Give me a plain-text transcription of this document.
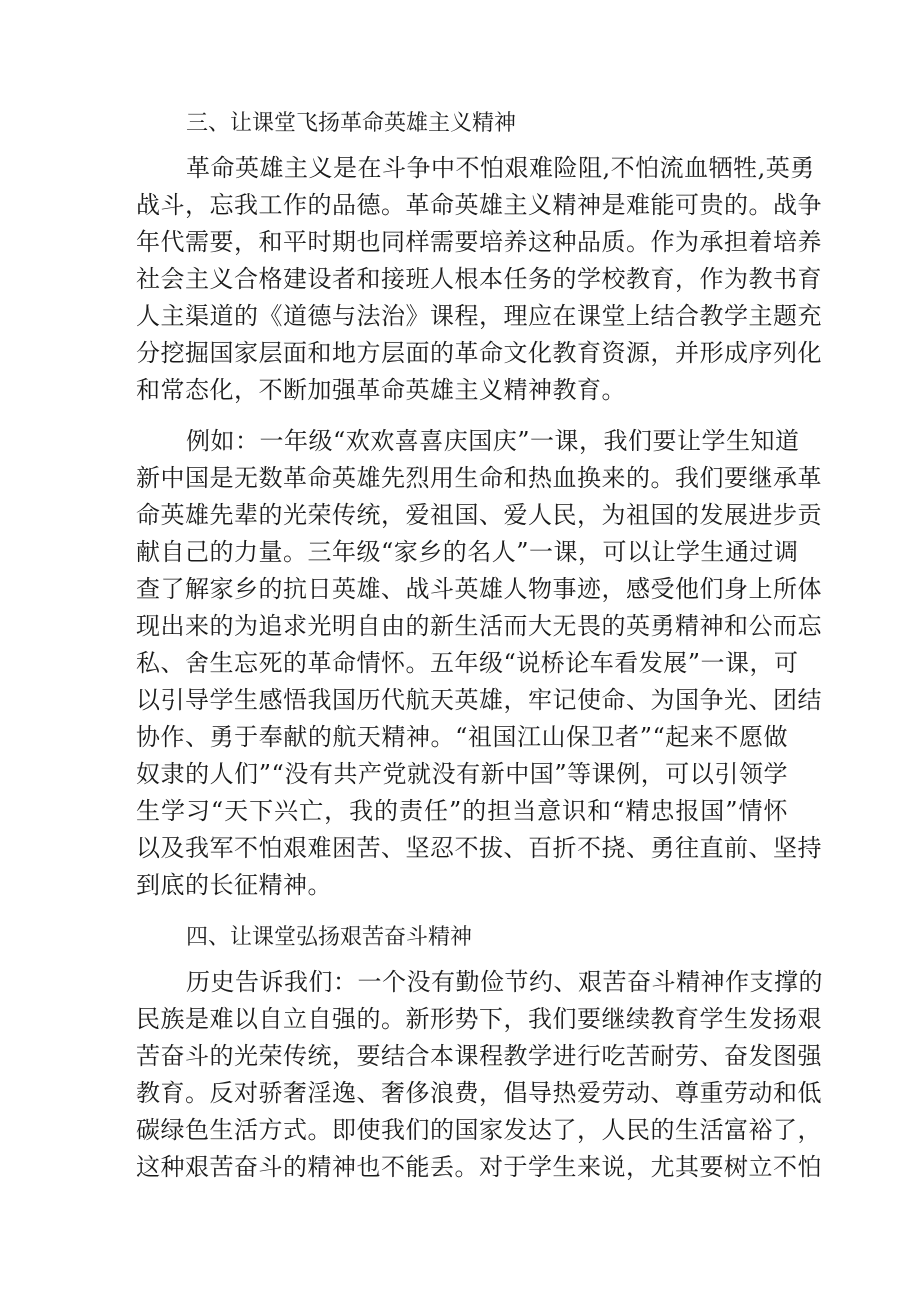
三、让课堂飞扬革命英雄主义精神
革命英雄主义是在斗争中不怕艰难险阻,不怕流血牺牲,英勇
战斗，忘我工作的品德。革命英雄主义精神是难能可贵的。战争
年代需要，和平时期也同样需要培养这种品质。作为承担着培养
社会主义合格建设者和接班人根本任务的学校教育，作为教书育
人主渠道的《道德与法治》课程，理应在课堂上结合教学主题充
分挖掘国家层面和地方层面的革命文化教育资源，并形成序列化
和常态化，不断加强革命英雄主义精神教育。
例如：一年级“欢欢喜喜庆国庆”一课，我们要让学生知道
新中国是无数革命英雄先烈用生命和热血换来的。我们要继承革
命英雄先辈的光荣传统，爱祖国、爱人民，为祖国的发展进步贡
献自己的力量。三年级“家乡的名人”一课，可以让学生通过调
查了解家乡的抗日英雄、战斗英雄人物事迹，感受他们身上所体
现出来的为追求光明自由的新生活而大无畏的英勇精神和公而忘
私、舍生忘死的革命情怀。五年级“说桥论车看发展”一课，可
以引导学生感悟我国历代航天英雄，牢记使命、为国争光、团结
协作、勇于奉献的航天精神。“祖国江山保卫者”“起来不愿做
奴隶的人们”“没有共产党就没有新中国”等课例，可以引领学
生学习“天下兴亡，我的责任”的担当意识和“精忠报国”情怀
以及我军不怕艰难困苦、坚忍不拔、百折不挠、勇往直前、坚持
到底的长征精神。
四、让课堂弘扬艰苦奋斗精神
历史告诉我们：一个没有勤俭节约、艰苦奋斗精神作支撑的
民族是难以自立自强的。新形势下，我们要继续教育学生发扬艰
苦奋斗的光荣传统，要结合本课程教学进行吃苦耐劳、奋发图强
教育。反对骄奢淫逸、奢侈浪费，倡导热爱劳动、尊重劳动和低
碳绿色生活方式。即使我们的国家发达了，人民的生活富裕了，
这种艰苦奋斗的精神也不能丢。对于学生来说，尤其要树立不怕
